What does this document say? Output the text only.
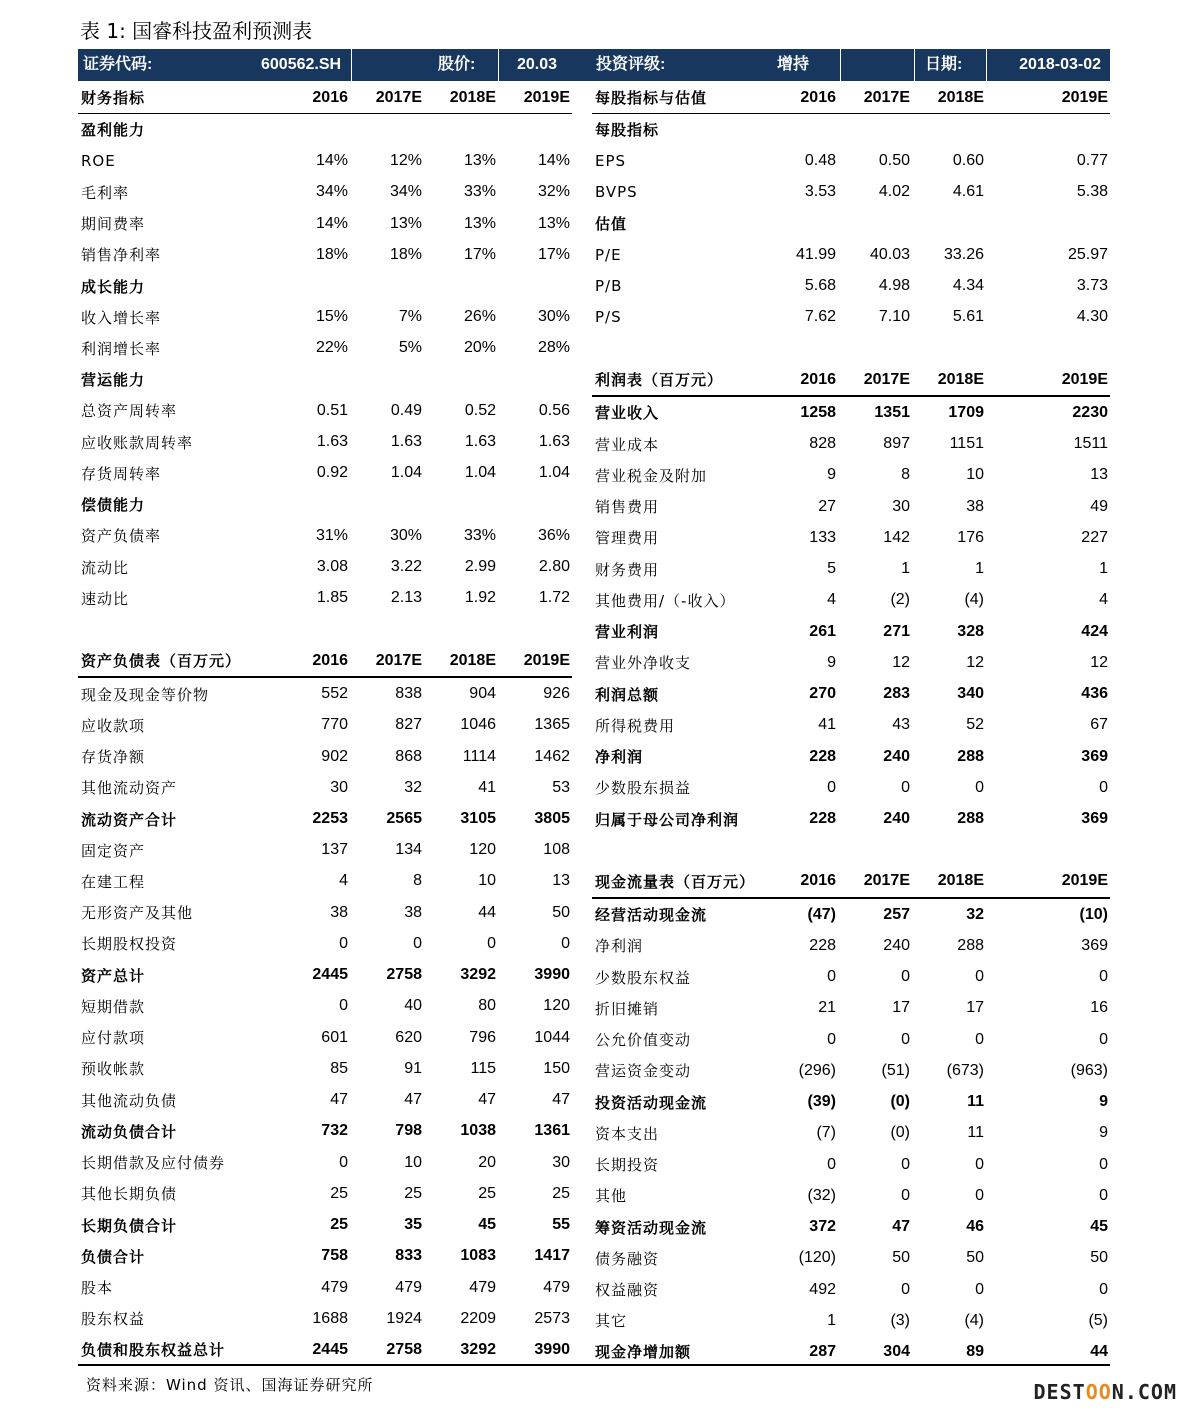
表 1: 国睿科技盈利预测表
证券代码:	600562.SH	股价:	20.03 投资评级:	增持	日期:	2018-03-02
财务指标	2016	2017E	2018E	2019E
盈利能力				
ROE	14%	12%	13%	14%
毛利率	34%	34%	33%	32%
期间费率	14%	13%	13%	13%
销售净利率	18%	18%	17%	17%
成长能力				
收入增长率	15%	7%	26%	30%
利润增长率	22%	5%	20%	28%
营运能力				
总资产周转率	0.51	0.49	0.52	0.56
应收账款周转率	1.63	1.63	1.63	1.63
存货周转率	0.92	1.04	1.04	1.04
偿债能力				
资产负债率	31%	30%	33%	36%
流动比	3.08	3.22	2.99	2.80
速动比	1.85	2.13	1.92	1.72

资产负债表（百万元）	2016	2017E	2018E	2019E
现金及现金等价物	552	838	904	926
应收款项	770	827	1046	1365
存货净额	902	868	1114	1462
其他流动资产	30	32	41	53
流动资产合计	2253	2565	3105	3805
固定资产	137	134	120	108
在建工程	4	8	10	13
无形资产及其他	38	38	44	50
长期股权投资	0	0	0	0
资产总计	2445	2758	3292	3990
短期借款	0	40	80	120
应付款项	601	620	796	1044
预收帐款	85	91	115	150
其他流动负债	47	47	47	47
流动负债合计	732	798	1038	1361
长期借款及应付债券	0	10	20	30
其他长期负债	25	25	25	25
长期负债合计	25	35	45	55
负债合计	758	833	1083	1417
股本	479	479	479	479
股东权益	1688	1924	2209	2573
负债和股东权益总计	2445	2758	3292	3990
每股指标与估值	2016	2017E	2018E	2019E
每股指标				
EPS	0.48	0.50	0.60	0.77
BVPS	3.53	4.02	4.61	5.38
估值				
P/E	41.99	40.03	33.26	25.97
P/B	5.68	4.98	4.34	3.73
P/S	7.62	7.10	5.61	4.30

利润表（百万元）	2016	2017E	2018E	2019E
营业收入	1258	1351	1709	2230
营业成本	828	897	1151	1511
营业税金及附加	9	8	10	13
销售费用	27	30	38	49
管理费用	133	142	176	227
财务费用	5	1	1	1
其他费用/（-收入）	4	(2)	(4)	4
营业利润	261	271	328	424
营业外净收支	9	12	12	12
利润总额	270	283	340	436
所得税费用	41	43	52	67
净利润	228	240	288	369
少数股东损益	0	0	0	0
归属于母公司净利润	228	240	288	369

现金流量表（百万元）	2016	2017E	2018E	2019E
经营活动现金流	(47)	257	32	(10)
净利润	228	240	288	369
少数股东权益	0	0	0	0
折旧摊销	21	17	17	16
公允价值变动	0	0	0	0
营运资金变动	(296)	(51)	(673)	(963)
投资活动现金流	(39)	(0)	11	9
资本支出	(7)	(0)	11	9
长期投资	0	0	0	0
其他	(32)	0	0	0
筹资活动现金流	372	47	46	45
债务融资	(120)	50	50	50
权益融资	492	0	0	0
其它	1	(3)	(4)	(5)
现金净增加额	287	304	89	44
资料来源：Wind 资讯、国海证券研究所	DESTOON.COM
